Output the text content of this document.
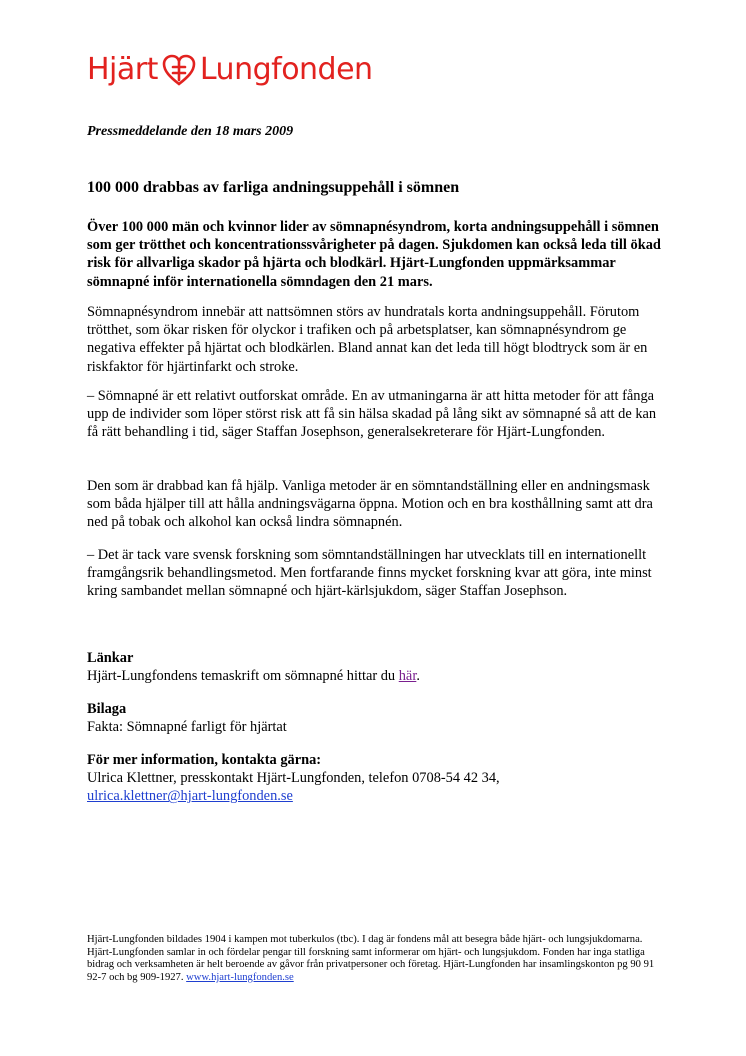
Hjärt Lungfonden
Pressmeddelande den 18 mars 2009
100 000 drabbas av farliga andningsuppehåll i sömnen
Över 100 000 män och kvinnor lider av sömnapnésyndrom, korta andningsuppehåll i sömnen som ger trötthet och koncentrationssvårigheter på dagen. Sjukdomen kan också leda till ökad risk för allvarliga skador på hjärta och blodkärl. Hjärt-Lungfonden uppmärksammar sömnapné inför internationella sömndagen den 21 mars.
Sömnapnésyndrom innebär att nattsömnen störs av hundratals korta andningsuppehåll. Förutom trötthet, som ökar risken för olyckor i trafiken och på arbetsplatser, kan sömnapnésyndrom ge negativa effekter på hjärtat och blodkärlen. Bland annat kan det leda till högt blodtryck som är en riskfaktor för hjärtinfarkt och stroke.
– Sömnapné är ett relativt outforskat område. En av utmaningarna är att hitta metoder för att fånga upp de individer som löper störst risk att få sin hälsa skadad på lång sikt av sömnapné så att de kan få rätt behandling i tid, säger Staffan Josephson, generalsekreterare för Hjärt-Lungfonden.
Den som är drabbad kan få hjälp. Vanliga metoder är en sömntandställning eller en andningsmask som båda hjälper till att hålla andningsvägarna öppna. Motion och en bra kosthållning samt att dra ned på tobak och alkohol kan också lindra sömnapnén.
– Det är tack vare svensk forskning som sömntandställningen har utvecklats till en internationellt framgångsrik behandlingsmetod. Men fortfarande finns mycket forskning kvar att göra, inte minst kring sambandet mellan sömnapné och hjärt-kärlsjukdom, säger Staffan Josephson.
Länkar
Hjärt-Lungfondens temaskrift om sömnapné hittar du här.
Bilaga
Fakta: Sömnapné farligt för hjärtat
För mer information, kontakta gärna:
Ulrica Klettner, presskontakt Hjärt-Lungfonden, telefon 0708-54 42 34,
ulrica.klettner@hjart-lungfonden.se
Hjärt-Lungfonden bildades 1904 i kampen mot tuberkulos (tbc). I dag är fondens mål att besegra både hjärt- och lungsjukdomarna. Hjärt-Lungfonden samlar in och fördelar pengar till forskning samt informerar om hjärt- och lungsjukdom. Fonden har inga statliga bidrag och verksamheten är helt beroende av gåvor från privatpersoner och företag. Hjärt-Lungfonden har insamlingskonton pg 90 91 92-7 och bg 909-1927. www.hjart-lungfonden.se
